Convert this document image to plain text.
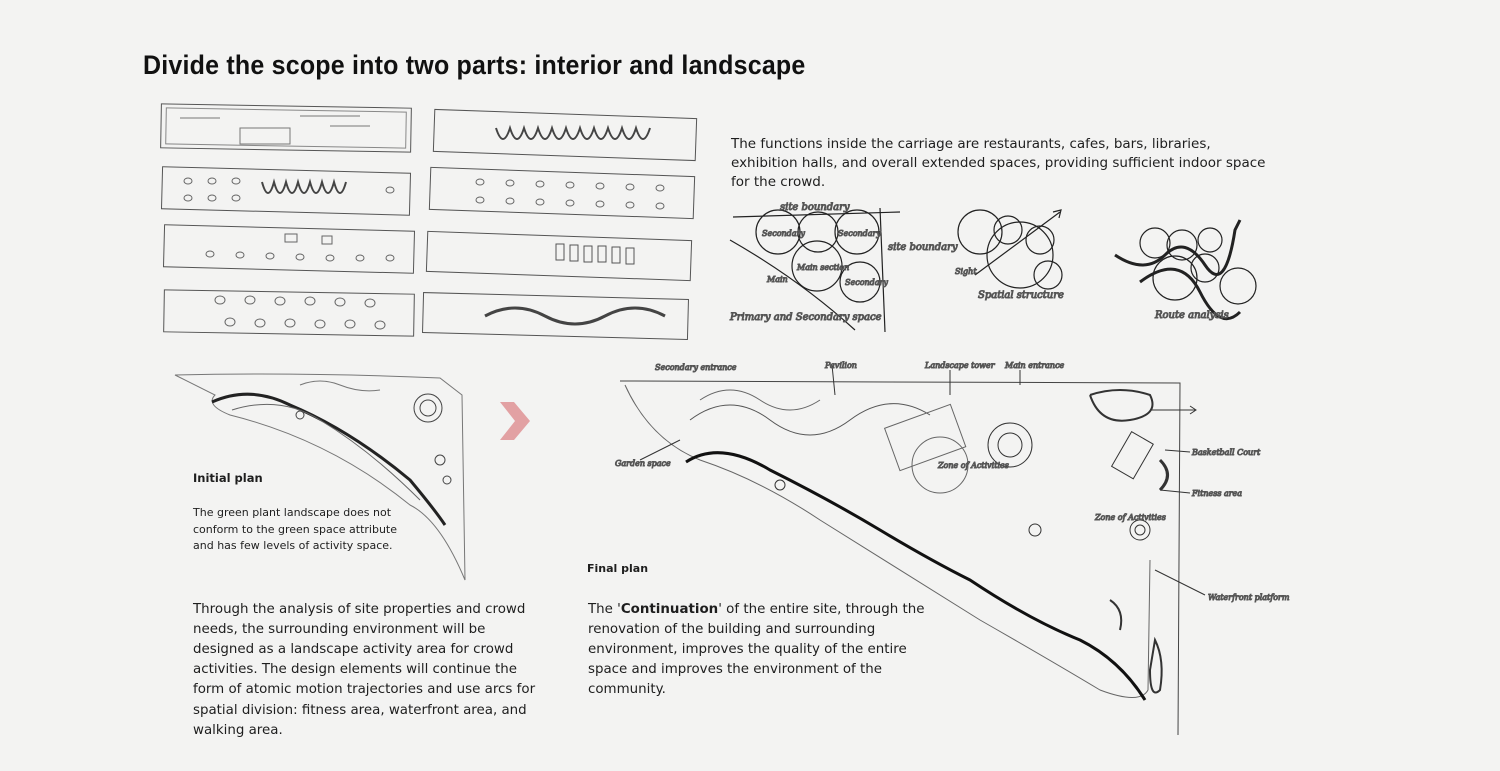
Divide the scope into two parts: interior and landscape
site boundary
site boundary
Secondary	Secondary
Secondary
Main section
Main
Primary and Secondary space
Sight
Spatial structure
Route analysis
Secondary entrance	Pavilion	Landscape tower Main entrance
Garden space	Zone of Activities
Zone of Activities
Basketball Court
Fitness area
Waterfront platform
The functions inside the carriage are restaurants, cafes, bars, libraries, exhibition halls, and overall extended spaces, providing sufficient indoor space for the crowd.
Initial plan
The green plant landscape does not conform to the green space attribute and has few levels of activity space.
Through the analysis of site properties and crowd needs, the surrounding environment will be designed as a landscape activity area for crowd activities. The design elements will continue the form of atomic motion trajectories and use arcs for spatial division: fitness area, waterfront area, and walking area.
Final plan
The 'Continuation' of the entire site, through the renovation of the building and surrounding environment, improves the quality of the entire space and improves the environment of the community.
